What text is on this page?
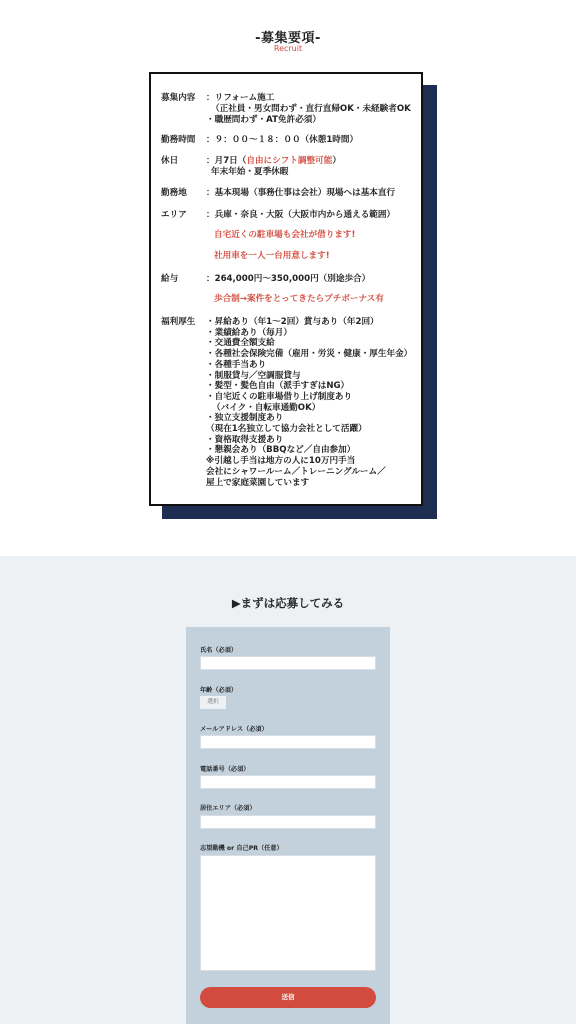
-募集要項-
Recruit
募集内容	：リフォーム施工
（正社員・男女問わず・直行直帰OK・未経験者OK
・職歴問わず・AT免許必須）
勤務時間	：９：００〜１８：００（休憩1時間）
休日	：月7日（自由にシフト調整可能）
年末年始・夏季休暇
勤務地	：基本現場（事務仕事は会社）現場へは基本直行
エリア	：兵庫・奈良・大阪（大阪市内から通える範囲）
自宅近くの駐車場も会社が借ります!
社用車を一人一台用意します!
給与	：264,000円〜350,000円（別途歩合）
歩合制→案件をとってきたらプチボーナス有
福利厚生	・昇給あり（年1〜2回）賞与あり（年2回）
・業績給あり（毎月）
・交通費全額支給
・各種社会保険完備（雇用・労災・健康・厚生年金）
・各種手当あり
・制服貸与／空調服貸与
・髪型・髪色自由（派手すぎはNG）
・自宅近くの駐車場借り上げ制度あり
（バイク・自転車通勤OK）
・独立支援制度あり
（現在1名独立して協力会社として活躍）
・資格取得支援あり
・懇親会あり（BBQなど／自由参加）
※引越し手当は地方の人に10万円手当
会社にシャワールーム／トレーニングルーム／
屋上で家庭菜園しています
▶まずは応募してみる
氏名（必須）
年齢（必須）
選択
メールアドレス（必須）
電話番号（必須）
居住エリア（必須）
志望動機 or 自己PR（任意）
送信
